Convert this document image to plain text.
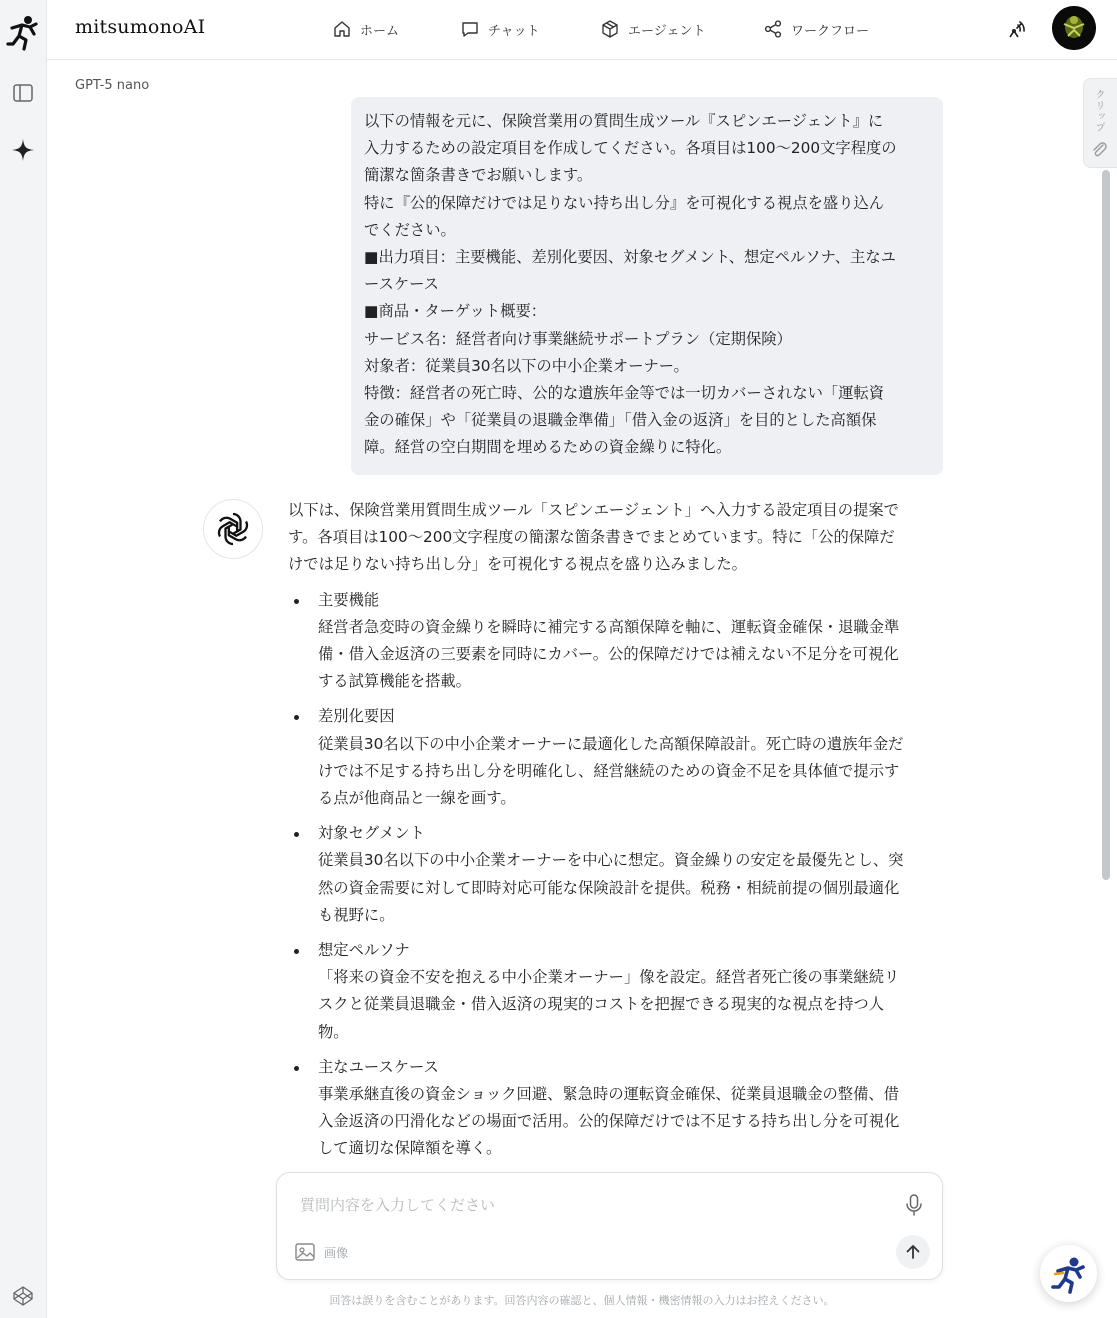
mitsumonoAI	ホーム	チャット	エージェント	ワークフロー
GPT-5 nano
クリップ

以下の情報を元に、保険営業用の質問生成ツール『スピンエージェント』に

入力するための設定項目を作成してください。各項目は100〜200文字程度の

簡潔な箇条書きでお願いします。

特に『公的保障だけでは足りない持ち出し分』を可視化する視点を盛り込ん

でください。

■出力項目：主要機能、差別化要因、対象セグメント、想定ペルソナ、主なユ

ースケース

■商品・ターゲット概要：

サービス名：経営者向け事業継続サポートプラン（定期保険）

対象者：従業員30名以下の中小企業オーナー。

特徴：経営者の死亡時、公的な遺族年金等では一切カバーされない「運転資

金の確保」や「従業員の退職金準備」「借入金の返済」を目的とした高額保

障。経営の空白期間を埋めるための資金繰りに特化。

以下は、保険営業用質問生成ツール「スピンエージェント」へ入力する設定項目の提案で

す。各項目は100〜200文字程度の簡潔な箇条書きでまとめています。特に「公的保障だ

けでは足りない持ち出し分」を可視化する視点を盛り込みました。

主要機能

経営者急変時の資金繰りを瞬時に補完する高額保障を軸に、運転資金確保・退職金準

備・借入金返済の三要素を同時にカバー。公的保障だけでは補えない不足分を可視化

する試算機能を搭載。

差別化要因

従業員30名以下の中小企業オーナーに最適化した高額保障設計。死亡時の遺族年金だ

けでは不足する持ち出し分を明確化し、経営継続のための資金不足を具体値で提示す

る点が他商品と一線を画す。

対象セグメント

従業員30名以下の中小企業オーナーを中心に想定。資金繰りの安定を最優先とし、突

然の資金需要に対して即時対応可能な保険設計を提供。税務・相続前提の個別最適化

も視野に。

想定ペルソナ

「将来の資金不安を抱える中小企業オーナー」像を設定。経営者死亡後の事業継続リ

スクと従業員退職金・借入返済の現実的コストを把握できる現実的な視点を持つ人

物。

主なユースケース

事業承継直後の資金ショック回避、緊急時の運転資金確保、従業員退職金の整備、借

入金返済の円滑化などの場面で活用。公的保障だけでは不足する持ち出し分を可視化

して適切な保障額を導く。

質問内容を入力してください
画像
回答は誤りを含むことがあります。回答内容の確認と、個人情報・機密情報の入力はお控えください。
